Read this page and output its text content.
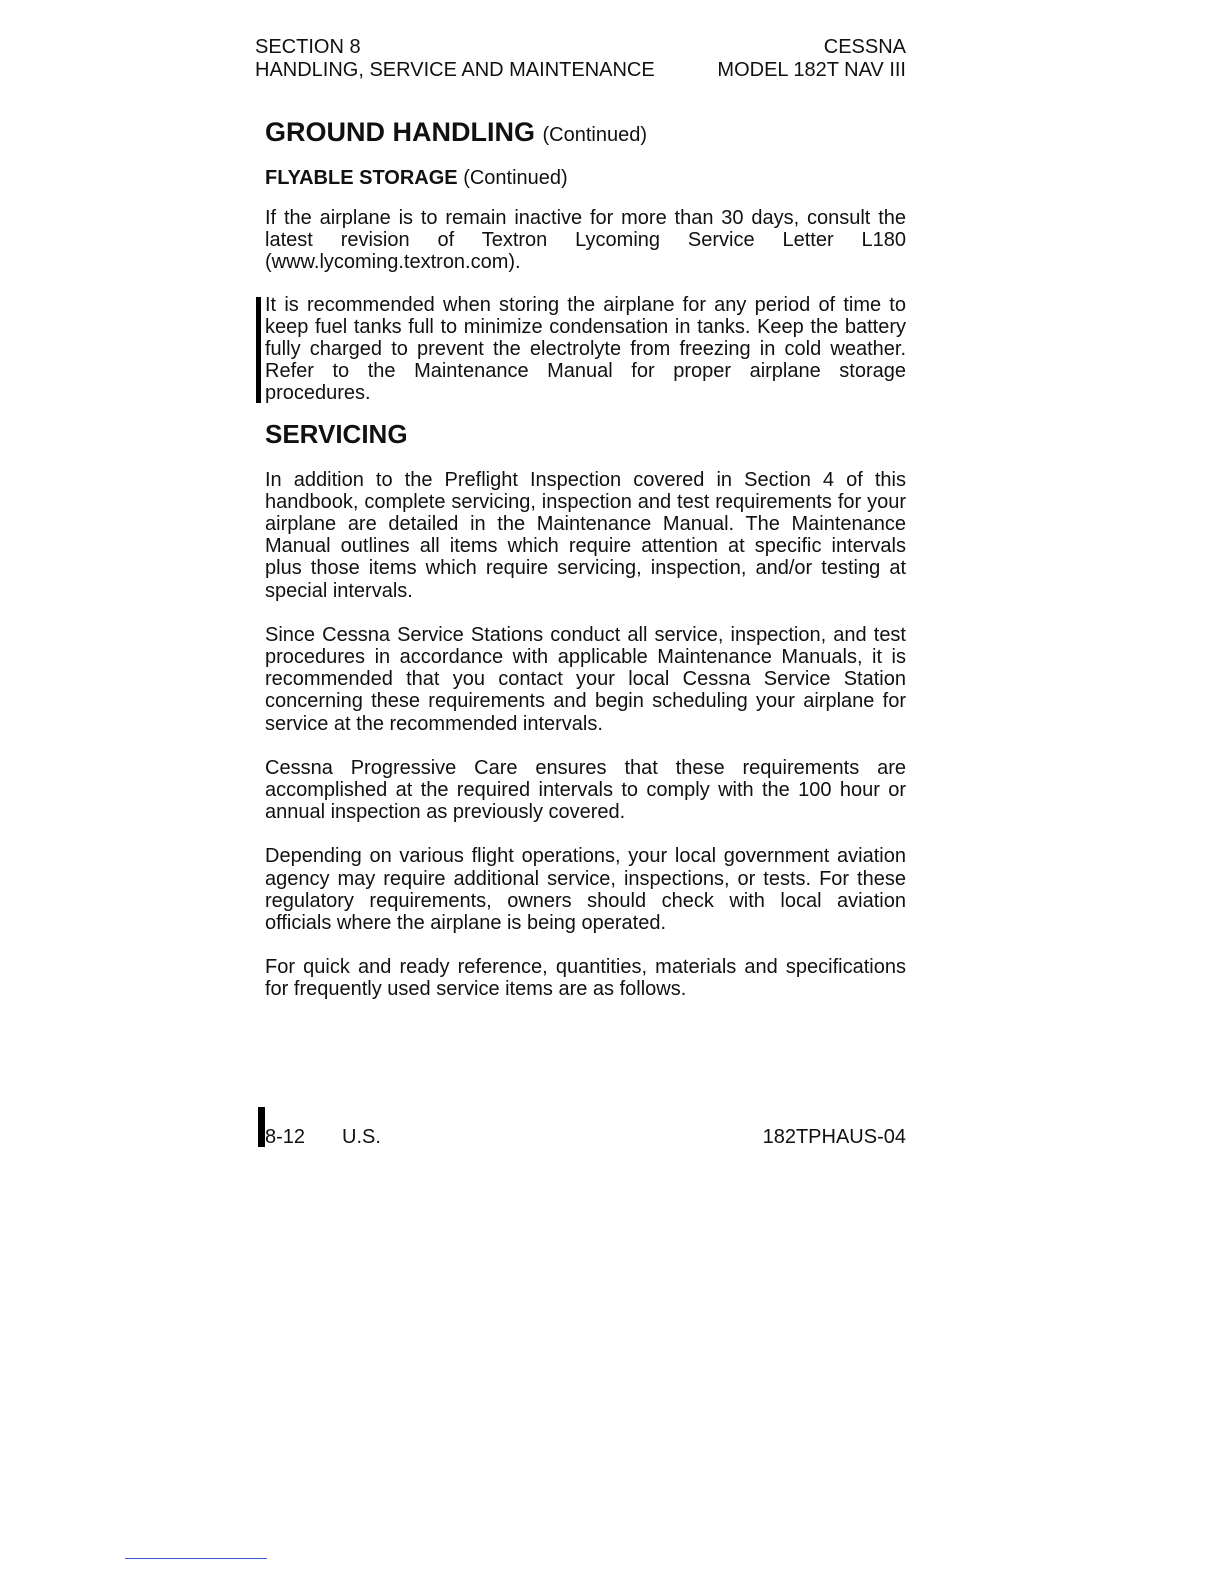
SECTION 8
HANDLING, SERVICE AND MAINTENANCE
CESSNA
MODEL 182T NAV III
GROUND HANDLING (Continued)
FLYABLE STORAGE (Continued)

If the airplane is to remain inactive for more than 30 days, consult the latest revision of Textron Lycoming Service Letter L180 (www.lycoming.textron.com).

It is recommended when storing the airplane for any period of time to keep fuel tanks full to minimize condensation in tanks. Keep the battery fully charged to prevent the electrolyte from freezing in cold weather. Refer to the Maintenance Manual for proper airplane storage procedures.

SERVICING

In addition to the Preflight Inspection covered in Section 4 of this handbook, complete servicing, inspection and test requirements for your airplane are detailed in the Maintenance Manual. The Maintenance Manual outlines all items which require attention at specific intervals plus those items which require servicing, inspection, and/or testing at special intervals.

Since Cessna Service Stations conduct all service, inspection, and test procedures in accordance with applicable Maintenance Manuals, it is recommended that you contact your local Cessna Service Station concerning these requirements and begin scheduling your airplane for service at the recommended intervals.

Cessna Progressive Care ensures that these requirements are accomplished at the required intervals to comply with the 100 hour or annual inspection as previously covered.

Depending on various flight operations, your local government aviation agency may require additional service, inspections, or tests. For these regulatory requirements, owners should check with local aviation officials where the airplane is being operated.

For quick and ready reference, quantities, materials and specifications for frequently used service items are as follows.

8-12 U.S.	182TPHAUS-04
